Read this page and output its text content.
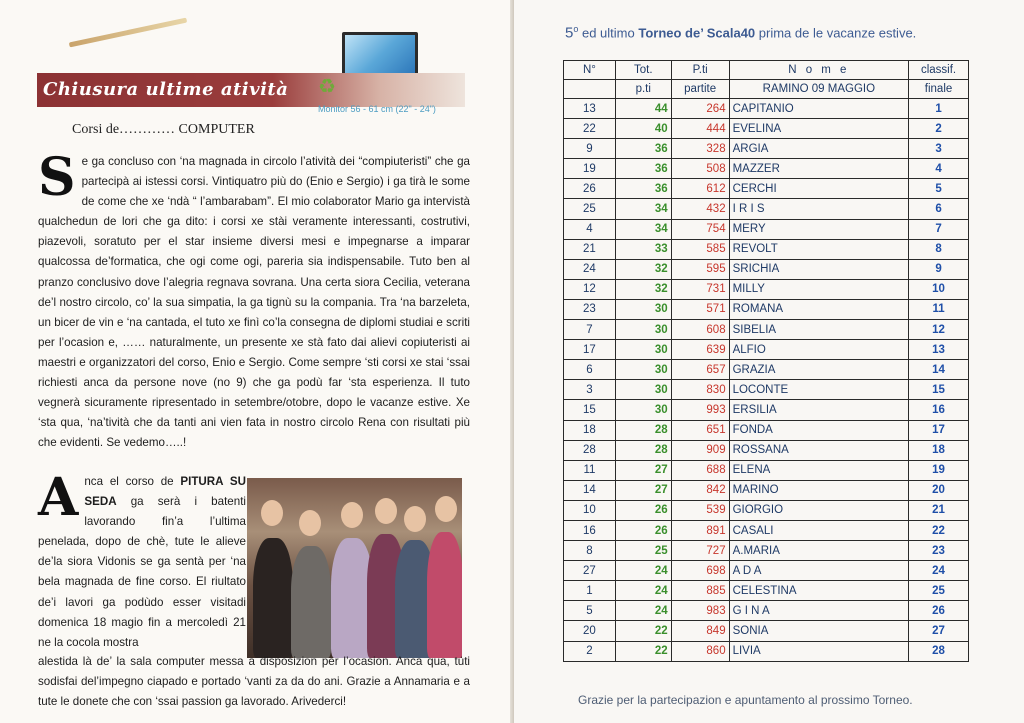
Chiusura ultime atività ♻
Monitor 56 - 61 cm (22" - 24")
Corsi de………… COMPUTER
Se ga concluso con ‘na magnada in circolo l’atività dei “compiuteristi” che ga partecipà ai istessi corsi. Vintiquatro più do (Enio e Sergio) i ga tirà le some de come che xe ‘ndà “ l’ambarabam”. El mio colaborator Mario ga intervistà qualchedun de lori che ga dito: i corsi xe stài veramente interessanti, costrutivi, piazevoli, soratuto per el star insieme diversi mesi e impegnarse a imparar qualcossa de’formatica, che ogi come ogi, pareria sia indispensabile. Tuto ben al pranzo conclusivo dove l’alegria regnava sovrana. Una certa siora Cecilia, veterana de’l nostro circolo, co’ la sua simpatia, la ga tignù su la compania. Tra ‘na barzeleta, un bicer de vin e ‘na cantada, el tuto xe finì co’la consegna de diplomi studiai e scriti per l’ocasion e, …… naturalmente, un presente xe stà fato dai alievi copiuteristi ai maestri e organizzatori del corso, Enio e Sergio. Come sempre ‘sti corsi xe stai ‘ssai richiesti anca da persone nove (no 9) che ga podù far ‘sta esperienza. Il tuto vegnerà sicuramente ripresentado in setembre/otobre, dopo le vacanze estive. Xe ‘sta qua, ‘na’tività che da tanti ani vien fata in nostro circolo Rena con risultati più che evidenti. Se vedemo…..!
Anca el corso de PITURA SU SEDA ga serà i batenti lavorando fin’a l’ultima penelada, dopo de chè, tute le alieve de’la siora Vidonis se ga sentà per ‘na bela magnada de fine corso. El riultato de’i lavori ga podùdo esser visitadi domenica 18 magio fin a mercoledì 21 ne la cocola mostra
alestida là de’ la sala computer messa a disposizion per l’ocasion. Anca qua, tuti sodisfai del’impegno ciapado e portado ‘vanti za da do ani. Grazie a Annamaria e a tute le donete che con ‘ssai passion ga lavorado. Arivederci!
5$^o$ ed ultimo Torneo de’ Scala40 prima de le vacanze estive.
N°	Tot.	P.ti	N o m e	classif.
	p.ti	partite	RAMINO 09 MAGGIO	finale
13	44	264	CAPITANIO	1
22	40	444	EVELINA	2
9	36	328	ARGIA	3
19	36	508	MAZZER	4
26	36	612	CERCHI	5
25	34	432	I R I S	6
4	34	754	MERY	7
21	33	585	REVOLT	8
24	32	595	SRICHIA	9
12	32	731	MILLY	10
23	30	571	ROMANA	11
7	30	608	SIBELIA	12
17	30	639	ALFIO	13
6	30	657	GRAZIA	14
3	30	830	LOCONTE	15
15	30	993	ERSILIA	16
18	28	651	FONDA	17
28	28	909	ROSSANA	18
11	27	688	ELENA	19
14	27	842	MARINO	20
10	26	539	GIORGIO	21
16	26	891	CASALI	22
8	25	727	A.MARIA	23
27	24	698	A D A	24
1	24	885	CELESTINA	25
5	24	983	G I N A	26
20	22	849	SONIA	27
2	22	860	LIVIA	28
Grazie per la partecipazion e apuntamento al prossimo Torneo.
